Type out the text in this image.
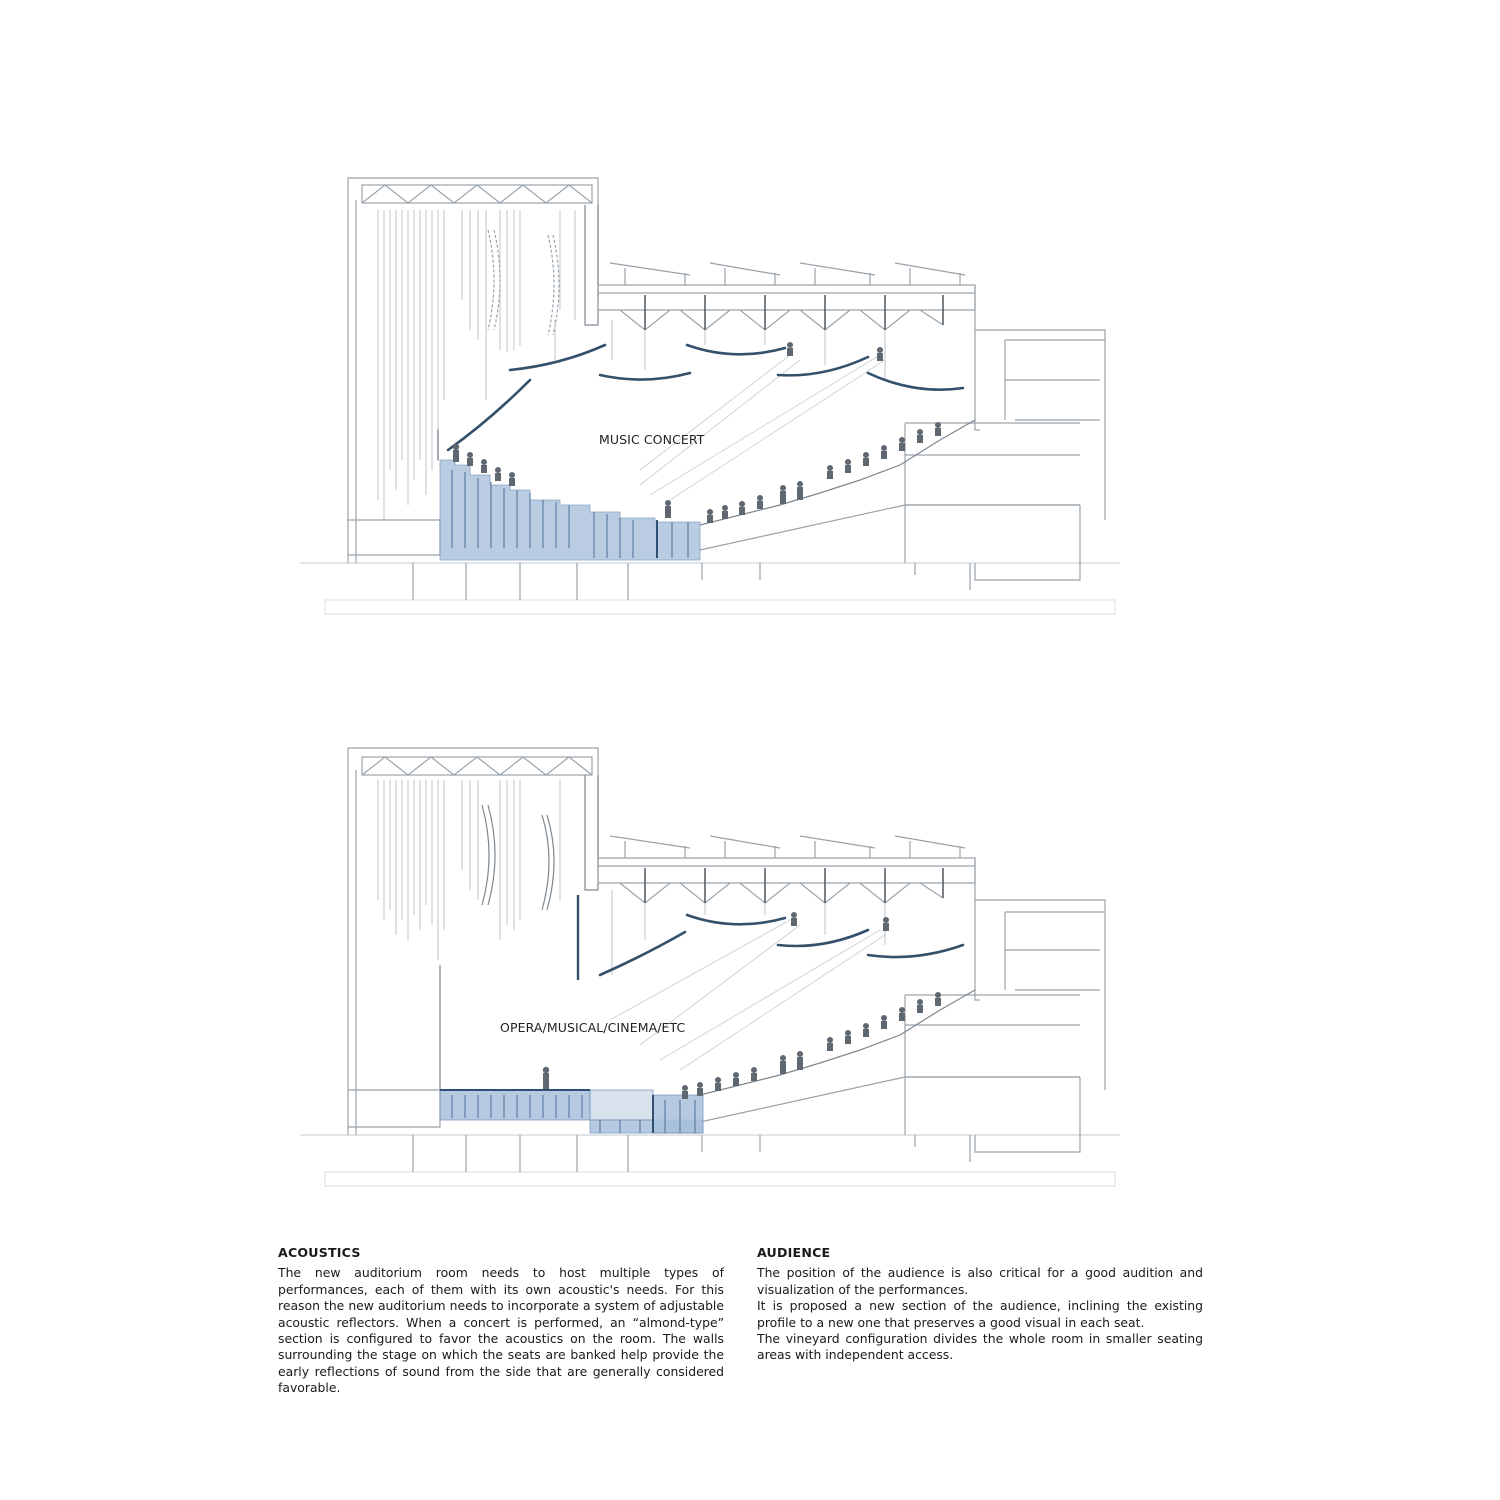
MUSIC CONCERT
OPERA/MUSICAL/CINEMA/ETC
ACOUSTICS

The new auditorium room needs to host multiple types of performances, each of them with its own acoustic's needs. For this reason the new auditorium needs to incorporate a system of adjustable acoustic reflectors. When a concert is performed, an “almond-type” section is configured to favor the acoustics on the room. The walls surrounding the stage on which the seats are banked help provide the early reflections of sound from the side that are generally considered favorable.

AUDIENCE

The position of the audience is also critical for a good audition and visualization of the performances.

It is proposed a new section of the audience, inclining the existing profile to a new one that preserves a good visual in each seat.

The vineyard configuration divides the whole room in smaller seating areas with independent access.
